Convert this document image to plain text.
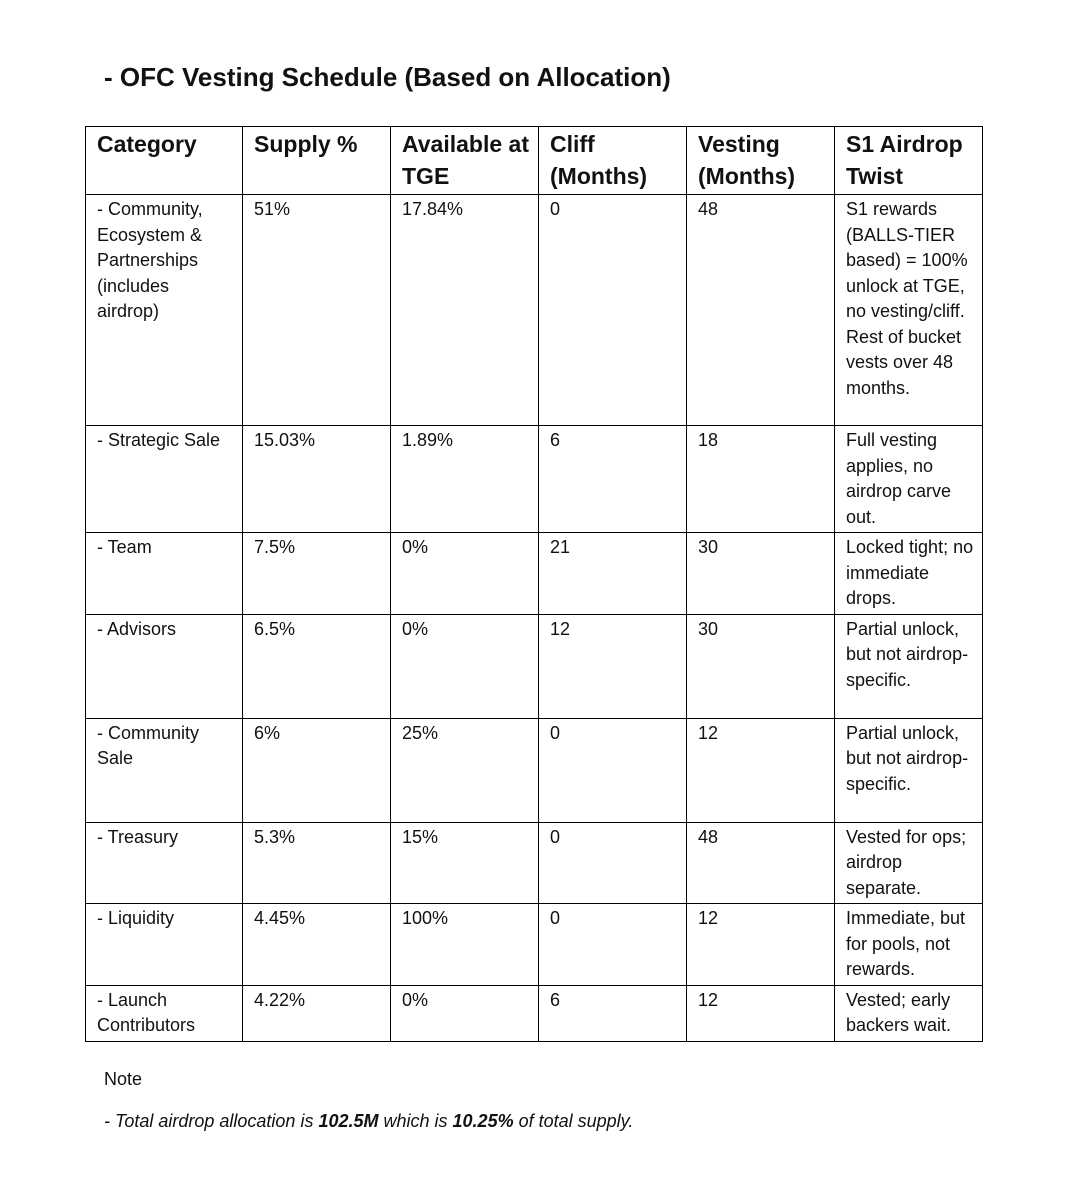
- OFC Vesting Schedule (Based on Allocation)
Category	Supply %	Available at TGE	Cliff (Months)	Vesting (Months)	S1 Airdrop Twist
- Community, Ecosystem & Partnerships (includes airdrop)	51%	17.84%	0	48	S1 rewards (BALLS-TIER based) = 100% unlock at TGE, no vesting/cliff. Rest of bucket vests over 48 months.
- Strategic Sale	15.03%	1.89%	6	18	Full vesting applies, no airdrop carve out.
- Team	7.5%	0%	21	30	Locked tight; no immediate drops.
- Advisors	6.5%	0%	12	30	Partial unlock, but not airdrop-specific.
- Community Sale	6%	25%	0	12	Partial unlock, but not airdrop-specific.
- Treasury	5.3%	15%	0	48	Vested for ops; airdrop separate.
- Liquidity	4.45%	100%	0	12	Immediate, but for pools, not rewards.
- Launch Contributors	4.22%	0%	6	12	Vested; early backers wait.
Note
- Total airdrop allocation is 102.5M which is 10.25% of total supply.
